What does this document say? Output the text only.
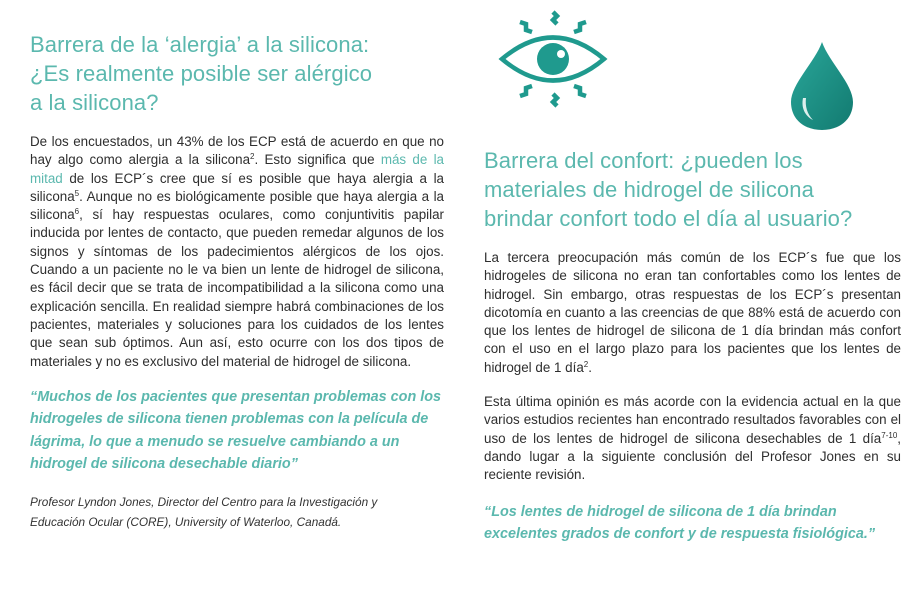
Barrera de la ‘alergia’ a la silicona:
¿Es realmente posible ser alérgico
a la silicona?

De los encuestados, un 43% de los ECP está de acuerdo en que no hay algo como alergia a la silicona$^2$. Esto significa que más de la mitad de los ECP´s cree que sí es posible que haya alergia a la silicona$^5$. Aunque no es biológicamente posible que haya alergia a la silicona$^6$, sí hay respuestas oculares, como conjuntivitis papilar inducida por lentes de contacto, que pueden remedar algunos de los signos y síntomas de los padecimientos alérgicos de los ojos. Cuando a un paciente no le va bien un lente de hidrogel de silicona, es fácil decir que se trata de incompatibilidad a la silicona como una explicación sencilla. En realidad siempre habrá combinaciones de los pacientes, materiales y soluciones para los cuidados de los lentes que sean sub óptimos. Aun así, esto ocurre con los dos tipos de materiales y no es exclusivo del material de hidrogel de silicona.

“Muchos de los pacientes que presentan problemas con los hidrogeles de silicona tienen problemas con la película de lágrima, lo que a menudo se resuelve cambiando a un hidrogel de silicona desechable diario”

Profesor Lyndon Jones, Director del Centro para la Investigación y
Educación Ocular (CORE), University of Waterloo, Canadá.

Barrera del confort: ¿pueden los
materiales de hidrogel de silicona
brindar confort todo el día al usuario?

La tercera preocupación más común de los ECP´s fue que los hidrogeles de silicona no eran tan confortables como los lentes de hidrogel. Sin embargo, otras respuestas de los ECP´s presentan dicotomía en cuanto a las creencias de que 88% está de acuerdo con que los lentes de hidrogel de silicona de 1 día brindan más confort con el uso en el largo plazo para los pacientes que los lentes de hidrogel de 1 día$^2$.

Esta última opinión es más acorde con la evidencia actual en la que varios estudios recientes han encontrado resultados favorables con el uso de los lentes de hidrogel de silicona desechables de 1 día$^{7-10}$, dando lugar a la siguiente conclusión del Profesor Jones en su reciente revisión.

“Los lentes de hidrogel de silicona de 1 día brindan
excelentes grados de confort y de respuesta fisiológica.”
